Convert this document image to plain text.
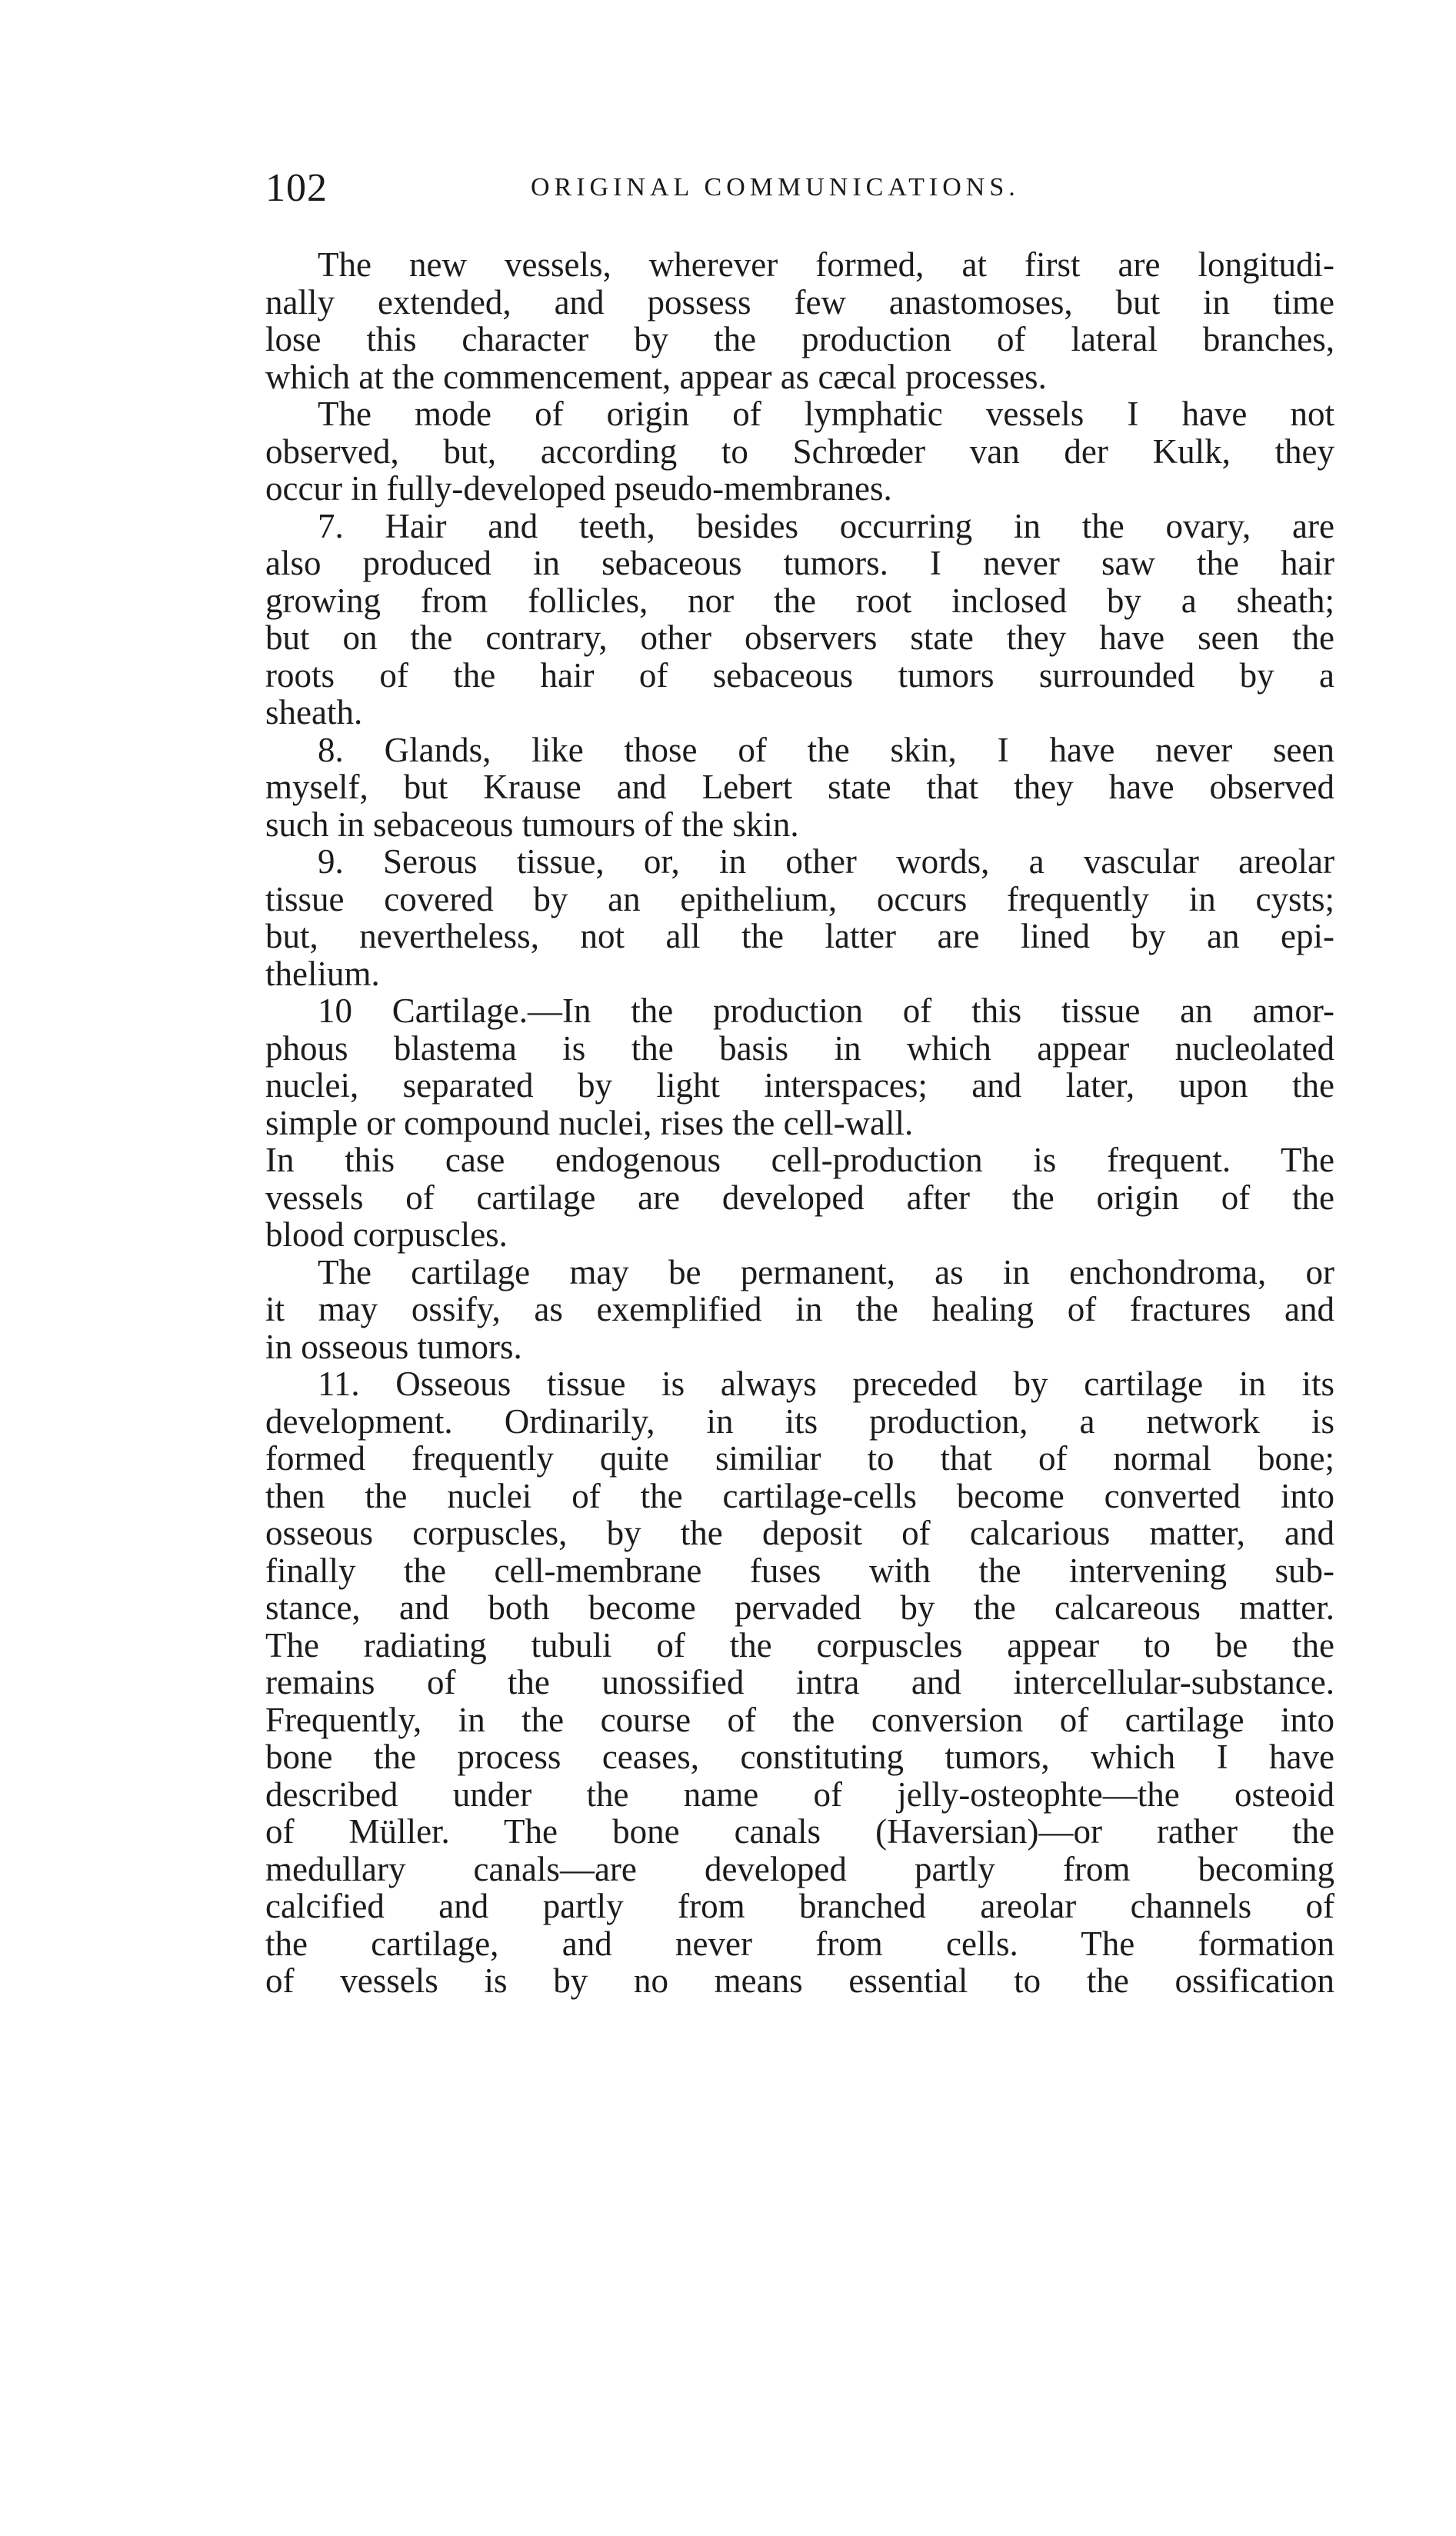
102	ORIGINAL COMMUNICATIONS.
The new vessels, wherever formed, at first are longitudi-
nally extended, and possess few anastomoses, but in time
lose this character by the production of lateral branches,
which at the commencement, appear as cæcal processes.
The mode of origin of lymphatic vessels I have not
observed, but, according to Schrœder van der Kulk, they
occur in fully-developed pseudo-membranes.
7. Hair and teeth, besides occurring in the ovary, are
also produced in sebaceous tumors. I never saw the hair
growing from follicles, nor the root inclosed by a sheath;
but on the contrary, other observers state they have seen the
roots of the hair of sebaceous tumors surrounded by a
sheath.
8. Glands, like those of the skin, I have never seen
myself, but Krause and Lebert state that they have observed
such in sebaceous tumours of the skin.
9. Serous tissue, or, in other words, a vascular areolar
tissue covered by an epithelium, occurs frequently in cysts;
but, nevertheless, not all the latter are lined by an epi-
thelium.
10 Cartilage.—In the production of this tissue an amor-
phous blastema is the basis in which appear nucleolated
nuclei, separated by light interspaces; and later, upon the
simple or compound nuclei, rises the cell-wall.
In this case endogenous cell-production is frequent. The
vessels of cartilage are developed after the origin of the
blood corpuscles.
The cartilage may be permanent, as in enchondroma, or
it may ossify, as exemplified in the healing of fractures and
in osseous tumors.
11. Osseous tissue is always preceded by cartilage in its
development. Ordinarily, in its production, a network is
formed frequently quite similiar to that of normal bone;
then the nuclei of the cartilage-cells become converted into
osseous corpuscles, by the deposit of calcarious matter, and
finally the cell-membrane fuses with the intervening sub-
stance, and both become pervaded by the calcareous matter.
The radiating tubuli of the corpuscles appear to be the
remains of the unossified intra and intercellular-substance.
Frequently, in the course of the conversion of cartilage into
bone the process ceases, constituting tumors, which I have
described under the name of jelly-osteophte—the osteoid
of Müller. The bone canals (Haversian)—or rather the
medullary canals—are developed partly from becoming
calcified and partly from branched areolar channels of
the cartilage, and never from cells. The formation
of vessels is by no means essential to the ossification
